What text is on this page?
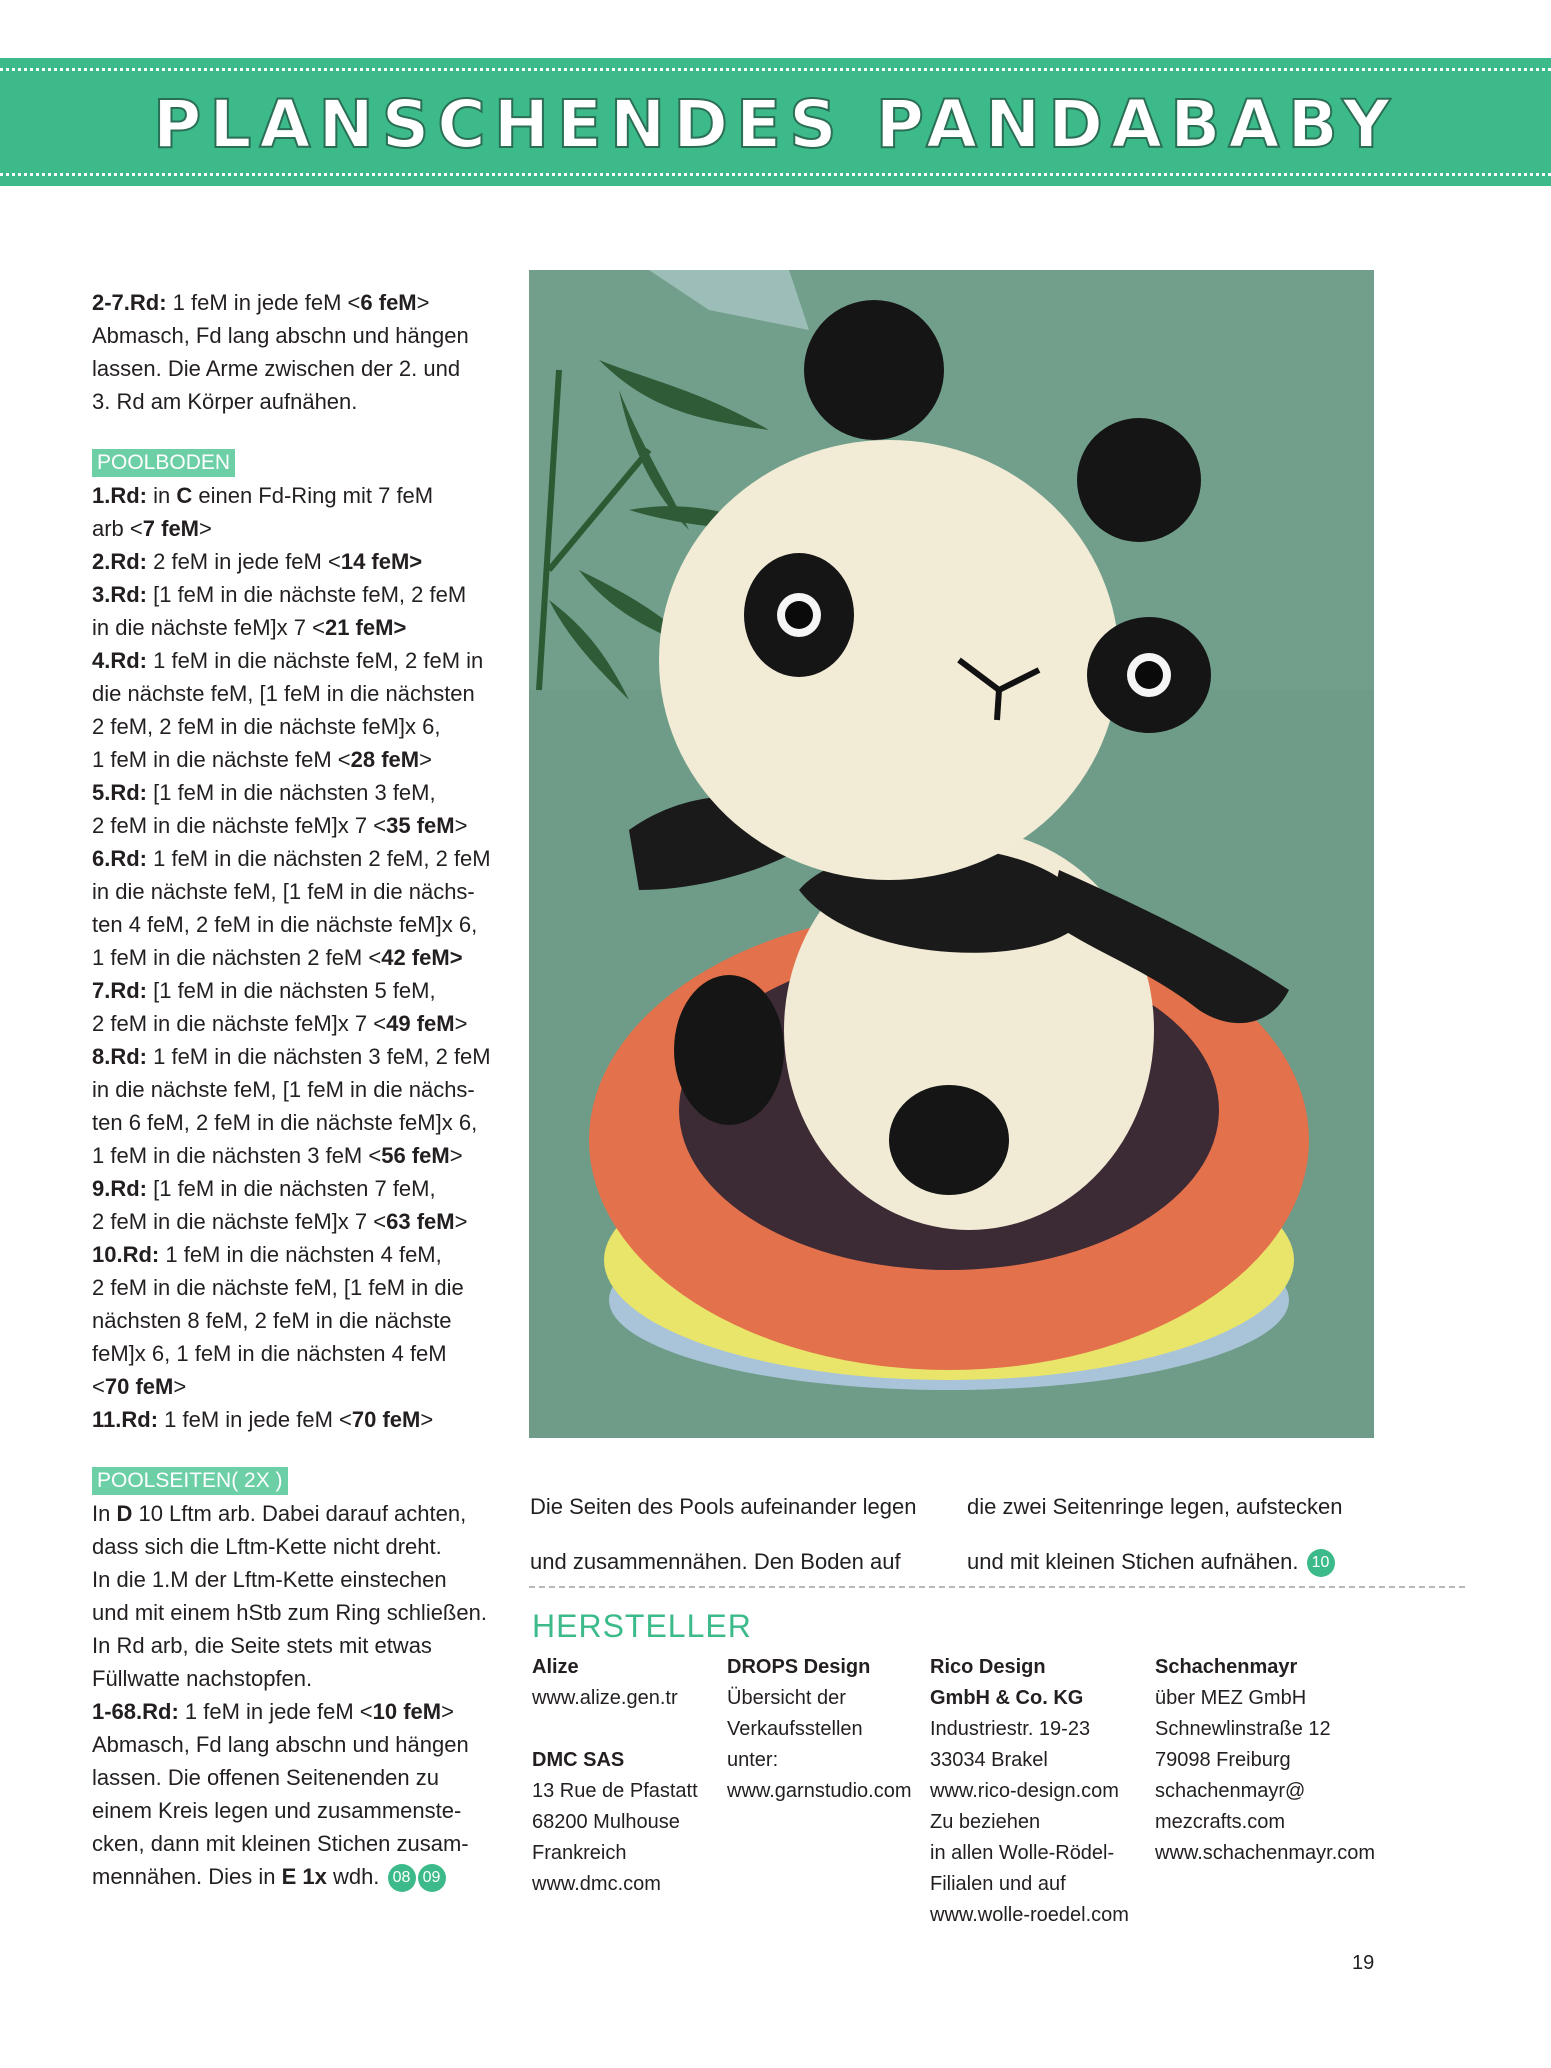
PLANSCHENDES PANDABABY

2-7.Rd: 1 feM in jede feM <6 feM>

Abmasch, Fd lang abschn und hängen

lassen. Die Arme zwischen der 2. und

3. Rd am Körper aufnähen.

POOLBODEN

1.Rd: in C einen Fd-Ring mit 7 feM

arb <7 feM>

2.Rd: 2 feM in jede feM <14 feM>

3.Rd: [1 feM in die nächste feM, 2 feM

in die nächste feM]x 7 <21 feM>

4.Rd: 1 feM in die nächste feM, 2 feM in

die nächste feM, [1 feM in die nächsten

2 feM, 2 feM in die nächste feM]x 6,

1 feM in die nächste feM <28 feM>

5.Rd: [1 feM in die nächsten 3 feM,

2 feM in die nächste feM]x 7 <35 feM>

6.Rd: 1 feM in die nächsten 2 feM, 2 feM

in die nächste feM, [1 feM in die nächs-

ten 4 feM, 2 feM in die nächste feM]x 6,

1 feM in die nächsten 2 feM <42 feM>

7.Rd: [1 feM in die nächsten 5 feM,

2 feM in die nächste feM]x 7 <49 feM>

8.Rd: 1 feM in die nächsten 3 feM, 2 feM

in die nächste feM, [1 feM in die nächs-

ten 6 feM, 2 feM in die nächste feM]x 6,

1 feM in die nächsten 3 feM <56 feM>

9.Rd: [1 feM in die nächsten 7 feM,

2 feM in die nächste feM]x 7 <63 feM>

10.Rd: 1 feM in die nächsten 4 feM,

2 feM in die nächste feM, [1 feM in die

nächsten 8 feM, 2 feM in die nächste

feM]x 6, 1 feM in die nächsten 4 feM

<70 feM>

11.Rd: 1 feM in jede feM <70 feM>

POOLSEITEN( 2X )

In D 10 Lftm arb. Dabei darauf achten,

dass sich die Lftm-Kette nicht dreht.

In die 1.M der Lftm-Kette einstechen

und mit einem hStb zum Ring schließen.

In Rd arb, die Seite stets mit etwas

Füllwatte nachstopfen.

1-68.Rd: 1 feM in jede feM <10 feM>

Abmasch, Fd lang abschn und hängen

lassen. Die offenen Seitenenden zu

einem Kreis legen und zusammenste-

cken, dann mit kleinen Stichen zusam-

mennähen. Dies in E 1x wdh. 08 09

Die Seiten des Pools aufeinander legen

und zusammennähen. Den Boden auf

die zwei Seitenringe legen, aufstecken

und mit kleinen Stichen aufnähen. 10

HERSTELLER
Alize
www.alize.gen.tr
DMC SAS
13 Rue de Pfastatt
68200 Mulhouse
Frankreich
www.dmc.com
DROPS Design
Übersicht der
Verkaufsstellen
unter:
www.garnstudio.com
Rico Design
GmbH & Co. KG
Industriestr. 19-23
33034 Brakel
www.rico-design.com
Zu beziehen
in allen Wolle-Rödel-
Filialen und auf
www.wolle-roedel.com
Schachenmayr
über MEZ GmbH
Schnewlinstraße 12
79098 Freiburg
schachenmayr@
mezcrafts.com
www.schachenmayr.com
19
